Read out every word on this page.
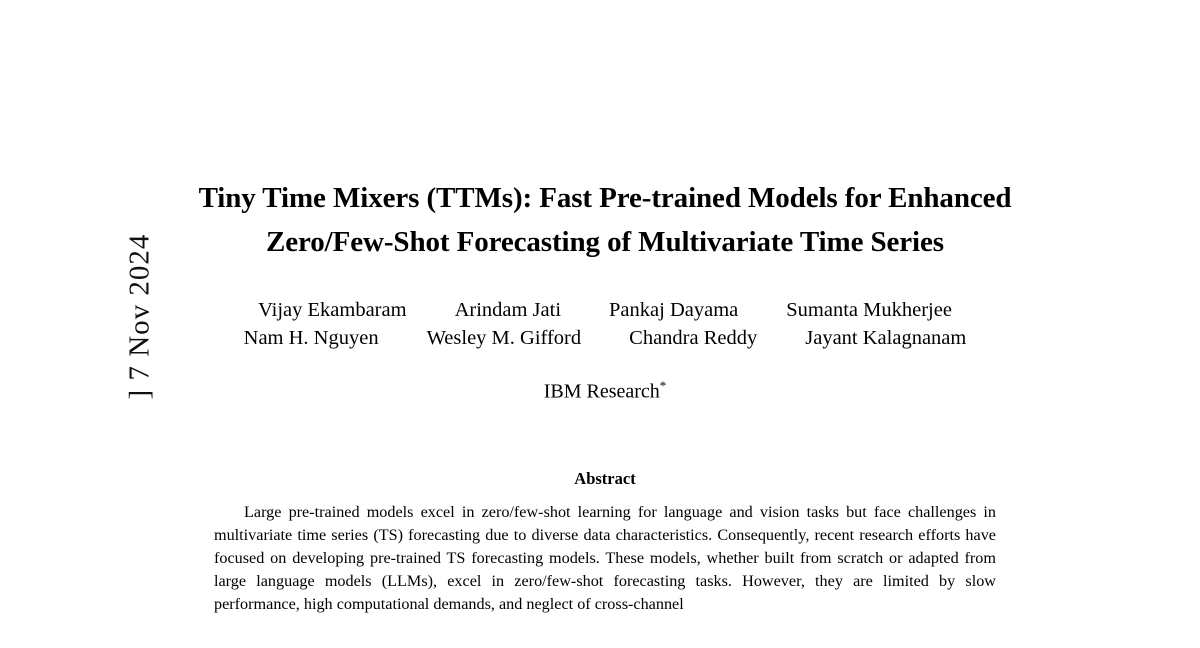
] 7 Nov 2024
Tiny Time Mixers (TTMs): Fast Pre-trained Models for Enhanced Zero/Few-Shot Forecasting of Multivariate Time Series
Vijay Ekambaram Arindam Jati Pankaj Dayama Sumanta Mukherjee
Nam H. Nguyen Wesley M. Gifford Chandra Reddy Jayant Kalagnanam
IBM Research*
Abstract
Large pre-trained models excel in zero/few-shot learning for language and vision tasks but face challenges in multivariate time series (TS) forecasting due to diverse data characteristics. Consequently, recent research efforts have focused on developing pre-trained TS forecasting models. These models, whether built from scratch or adapted from large language models (LLMs), excel in zero/few-shot forecasting tasks. However, they are limited by slow performance, high computational demands, and neglect of cross-channel
